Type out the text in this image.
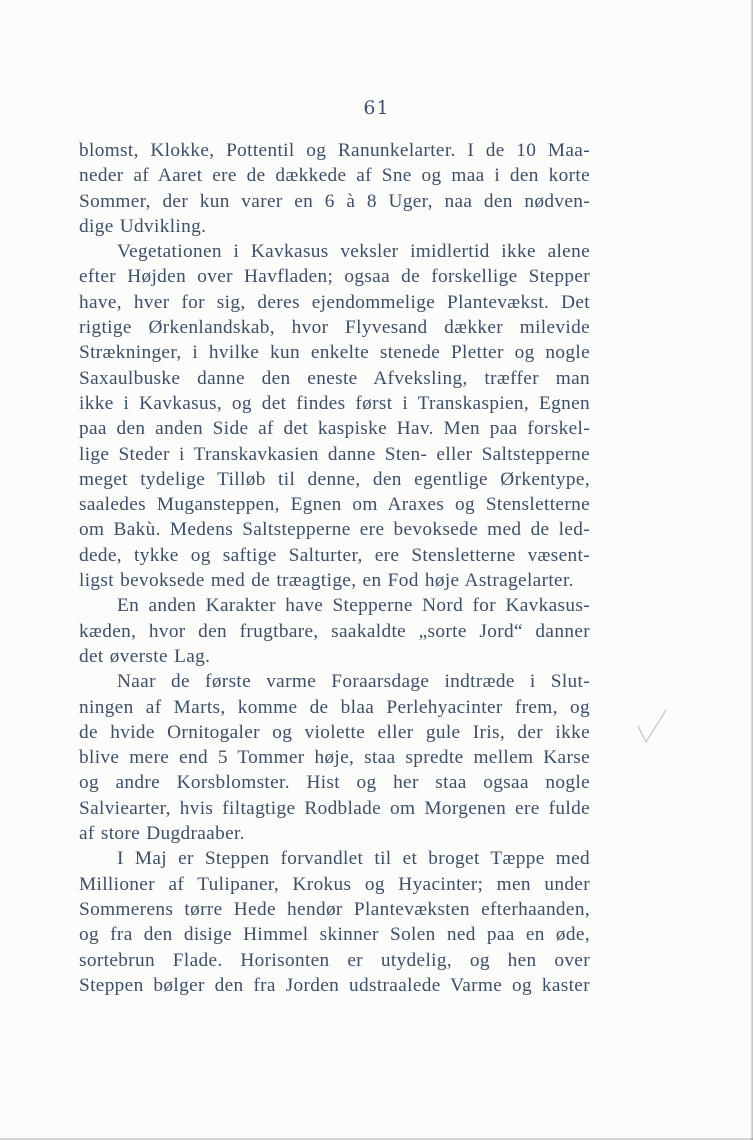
61
blomst, Klokke, Pottentil og Ranunkelarter. I de 10 Maa-
neder af Aaret ere de dækkede af Sne og maa i den korte
Sommer, der kun varer en 6 à 8 Uger, naa den nødven-
dige Udvikling.
Vegetationen i Kavkasus veksler imidlertid ikke alene
efter Højden over Havfladen; ogsaa de forskellige Stepper
have, hver for sig, deres ejendommelige Plantevækst. Det
rigtige Ørkenlandskab, hvor Flyvesand dækker milevide
Strækninger, i hvilke kun enkelte stenede Pletter og nogle
Saxaulbuske danne den eneste Afveksling, træffer man
ikke i Kavkasus, og det findes først i Transkaspien, Egnen
paa den anden Side af det kaspiske Hav. Men paa forskel-
lige Steder i Transkavkasien danne Sten- eller Saltstepperne
meget tydelige Tilløb til denne, den egentlige Ørkentype,
saaledes Mugansteppen, Egnen om Araxes og Stensletterne
om Bakù. Medens Saltstepperne ere bevoksede med de led-
dede, tykke og saftige Salturter, ere Stensletterne væsent-
ligst bevoksede med de træagtige, en Fod høje Astragelarter.
En anden Karakter have Stepperne Nord for Kavkasus-
kæden, hvor den frugtbare, saakaldte „sorte Jord“ danner
det øverste Lag.
Naar de første varme Foraarsdage indtræde i Slut-
ningen af Marts, komme de blaa Perlehyacinter frem, og
de hvide Ornitogaler og violette eller gule Iris, der ikke
blive mere end 5 Tommer høje, staa spredte mellem Karse
og andre Korsblomster. Hist og her staa ogsaa nogle
Salviearter, hvis filtagtige Rodblade om Morgenen ere fulde
af store Dugdraaber.
I Maj er Steppen forvandlet til et broget Tæppe med
Millioner af Tulipaner, Krokus og Hyacinter; men under
Sommerens tørre Hede hendør Plantevæksten efterhaanden,
og fra den disige Himmel skinner Solen ned paa en øde,
sortebrun Flade. Horisonten er utydelig, og hen over
Steppen bølger den fra Jorden udstraalede Varme og kaster
